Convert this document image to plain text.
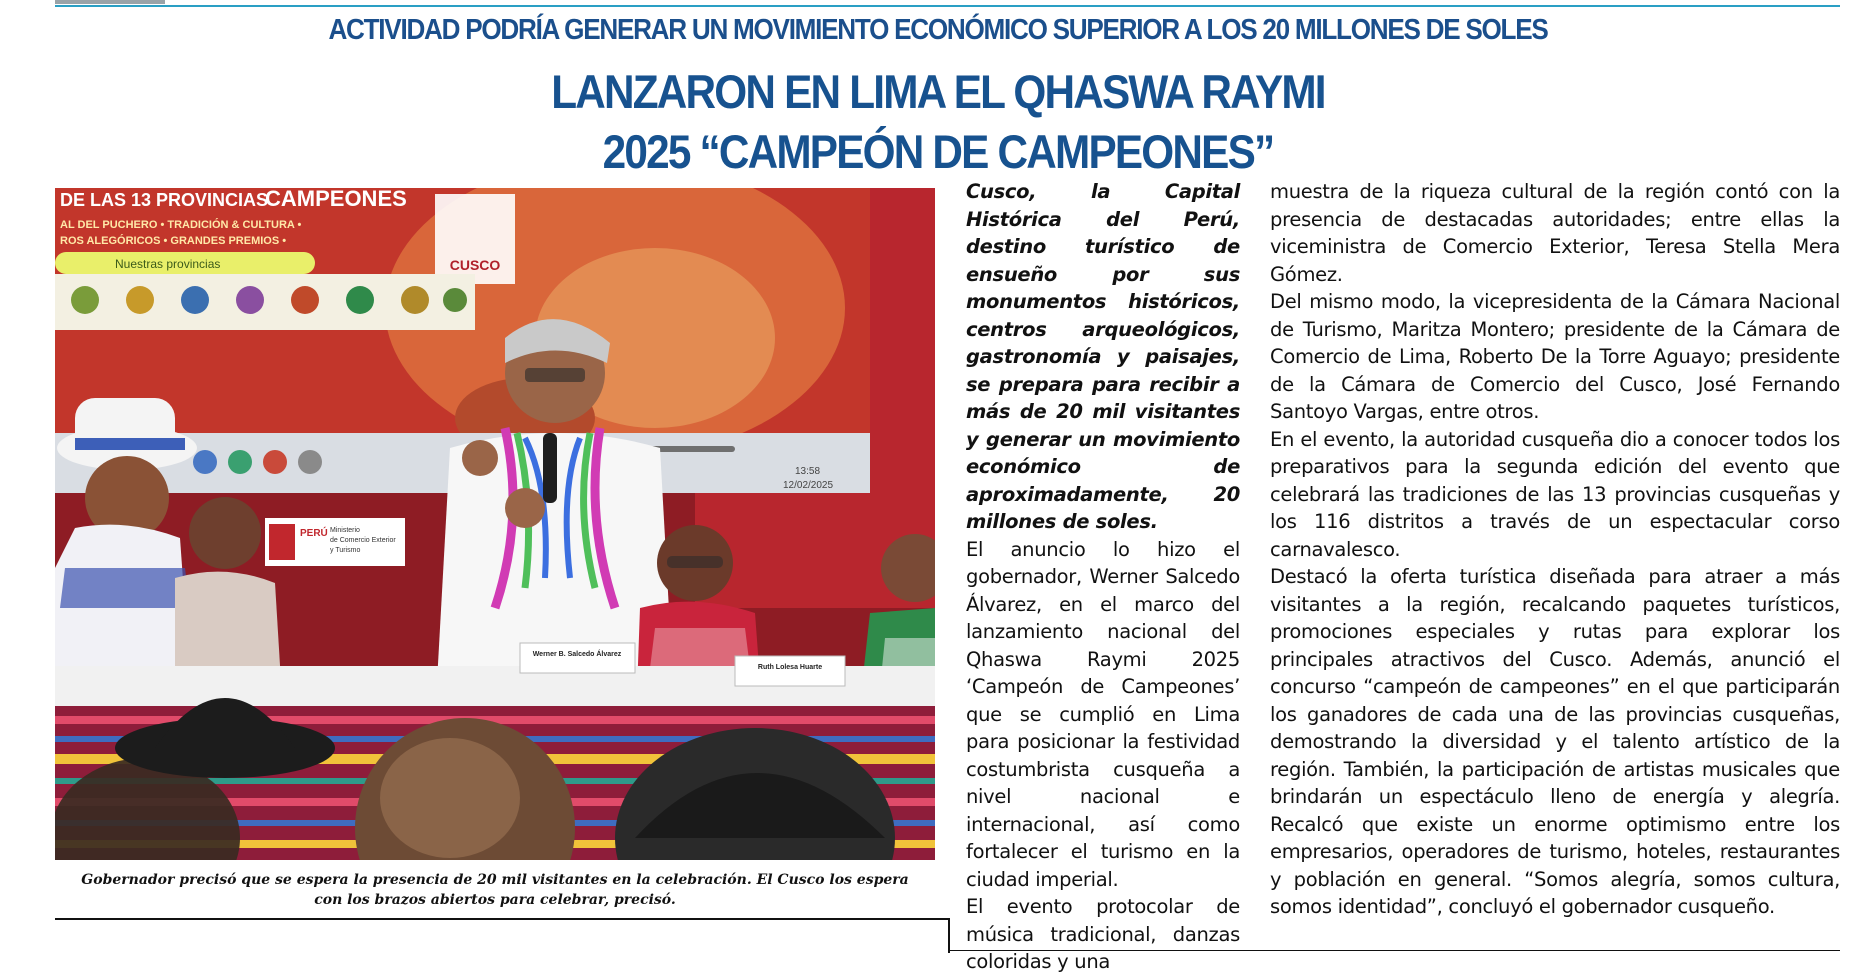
ACTIVIDAD PODRÍA GENERAR UN MOVIMIENTO ECONÓMICO SUPERIOR A LOS 20 MILLONES DE SOLES
LANZARON EN LIMA EL QHASWA RAYMI
2025 “CAMPEÓN DE CAMPEONES”
CUSCO
DE LAS 13 PROVINCIAS
CAMPEONES
AL DEL PUCHERO • TRADICIÓN & CULTURA •
ROS ALEGÓRICOS • GRANDES PREMIOS •
Nuestras provincias
13:58
12/02/2025
PERÚ Ministerio
de Comercio Exterior
y Turismo
Werner B. Salcedo Álvarez
Ruth Lolesa Huarte
Gobernador precisó que se espera la presencia de 20 mil visitantes en la celebración. El Cusco los espera
con los brazos abiertos para celebrar, precisó.

Cusco, la Capital Histórica del Perú, destino turístico de ensueño por sus monumentos históricos, centros arqueológicos, gastronomía y paisajes, se prepara para recibir a más de 20 mil visitantes y generar un movimiento económico de aproximadamente, 20 millones de soles.

El anuncio lo hizo el gobernador, Werner Salcedo Álvarez, en el marco del lanzamiento nacional del Qhaswa Raymi 2025 ‘Campeón de Campeones’ que se cumplió en Lima para posicionar la festividad costumbrista cusqueña a nivel nacional e internacional, así como fortalecer el turismo en la ciudad imperial.

El evento protocolar de música tradicional, danzas coloridas y una

muestra de la riqueza cultural de la región contó con la presencia de destacadas autoridades; entre ellas la viceministra de Comercio Exterior, Teresa Stella Mera Gómez.

Del mismo modo, la vicepresidenta de la Cámara Nacional de Turismo, Maritza Montero; presidente de la Cámara de Comercio de Lima, Roberto De la Torre Aguayo; presidente de la Cámara de Comercio del Cusco, José Fernando Santoyo Vargas, entre otros.

En el evento, la autoridad cusqueña dio a conocer todos los preparativos para la segunda edición del evento que celebrará las tradiciones de las 13 provincias cusqueñas y los 116 distritos a través de un espectacular corso carnavalesco.

Destacó la oferta turística diseñada para atraer a más visitantes a la región, recalcando paquetes turísticos, promociones especiales y rutas para explorar los principales atractivos del Cusco. Además, anunció el concurso “campeón de campeones” en el que participarán los ganadores de cada una de las provincias cusqueñas, demostrando la diversidad y el talento artístico de la región. También, la participación de artistas musicales que brindarán un espectáculo lleno de energía y alegría. Recalcó que existe un enorme optimismo entre los empresarios, operadores de turismo, hoteles, restaurantes y población en general. “Somos alegría, somos cultura, somos identidad”, concluyó el gobernador cusqueño.
